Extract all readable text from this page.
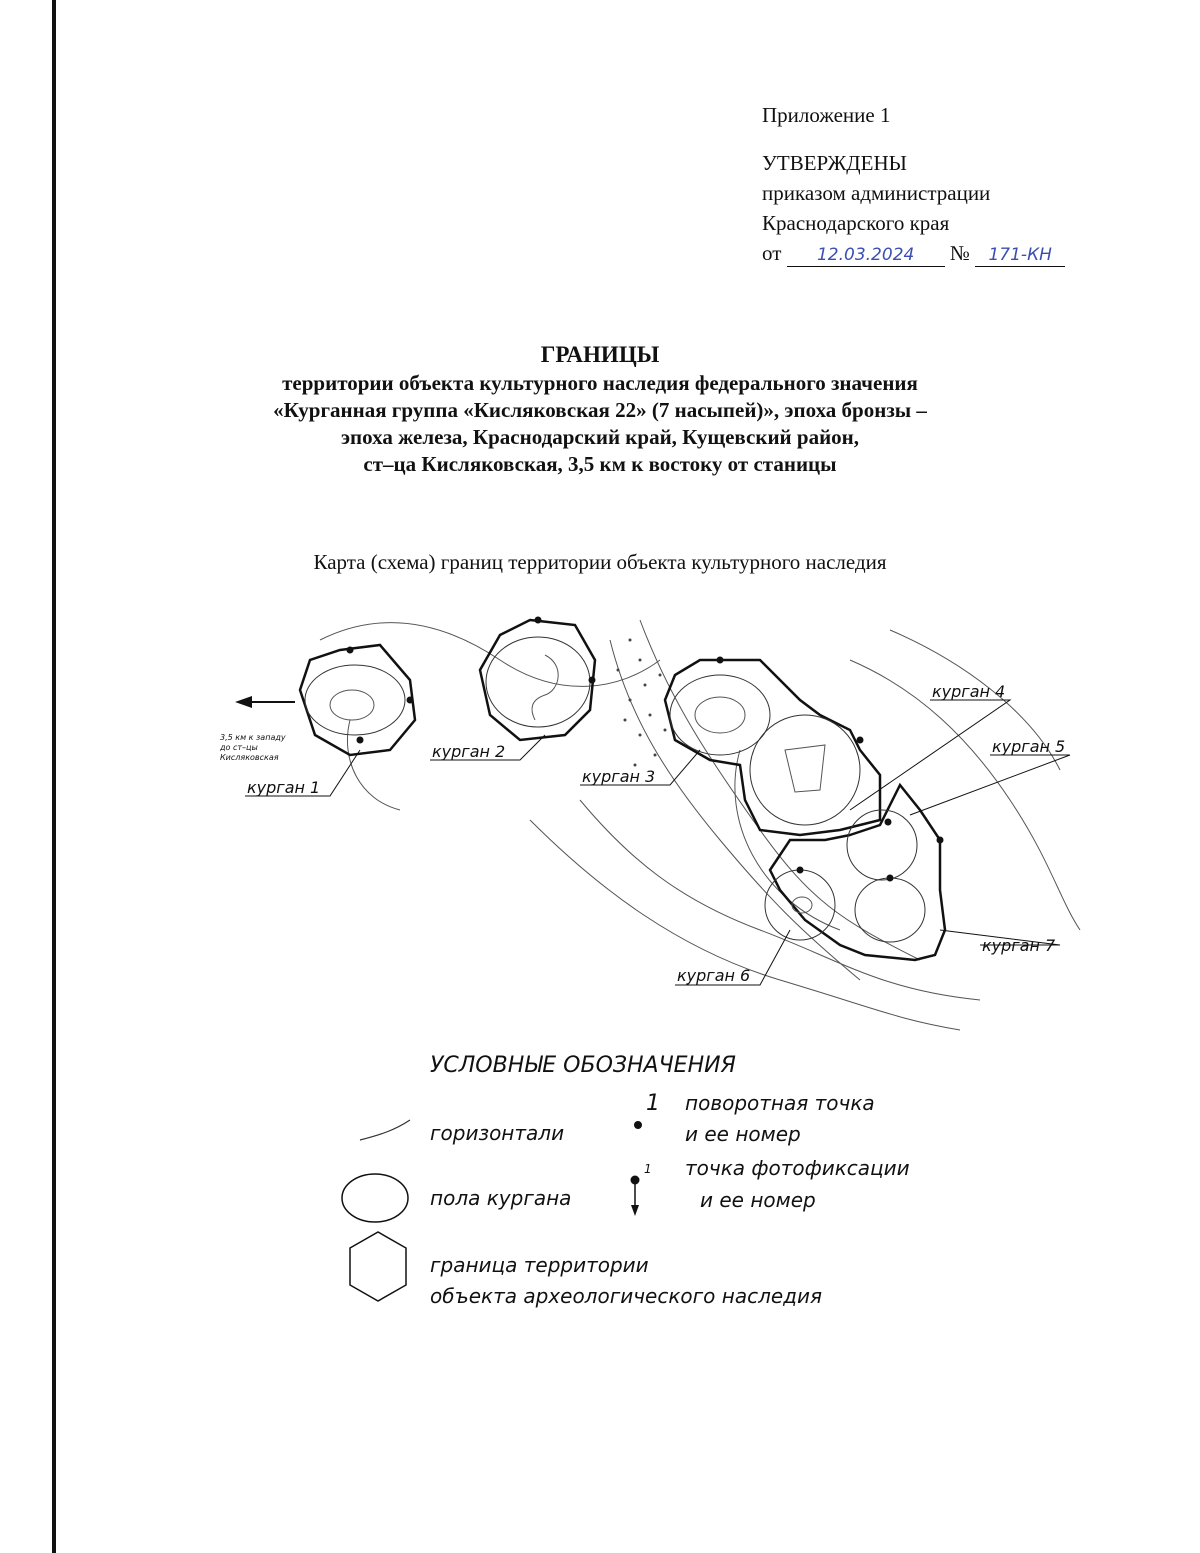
Приложение 1
УТВЕРЖДЕНЫ
приказом администрации
Краснодарского края
от 12.03.2024 № 171-КН
ГРАНИЦЫ
территории объекта культурного наследия федерального значения
«Курганная группа «Кисляковская 22» (7 насыпей)», эпоха бронзы –
эпоха железа, Краснодарский край, Кущевский район,
ст–ца Кисляковская, 3,5 км к востоку от станицы
Карта (схема) границ территории объекта культурного наследия
3,5 км к западу
до ст–цы
Кисляковская
курган 1
курган 2
курган 3
курган 4
курган 5
курган 6
курган 7
УСЛОВНЫЕ ОБОЗНАЧЕНИЯ
горизонтали
пола кургана
граница территории
объекта археологического наследия
1 поворотная точка
и ее номер
1 точка фотофиксации
и ее номер
